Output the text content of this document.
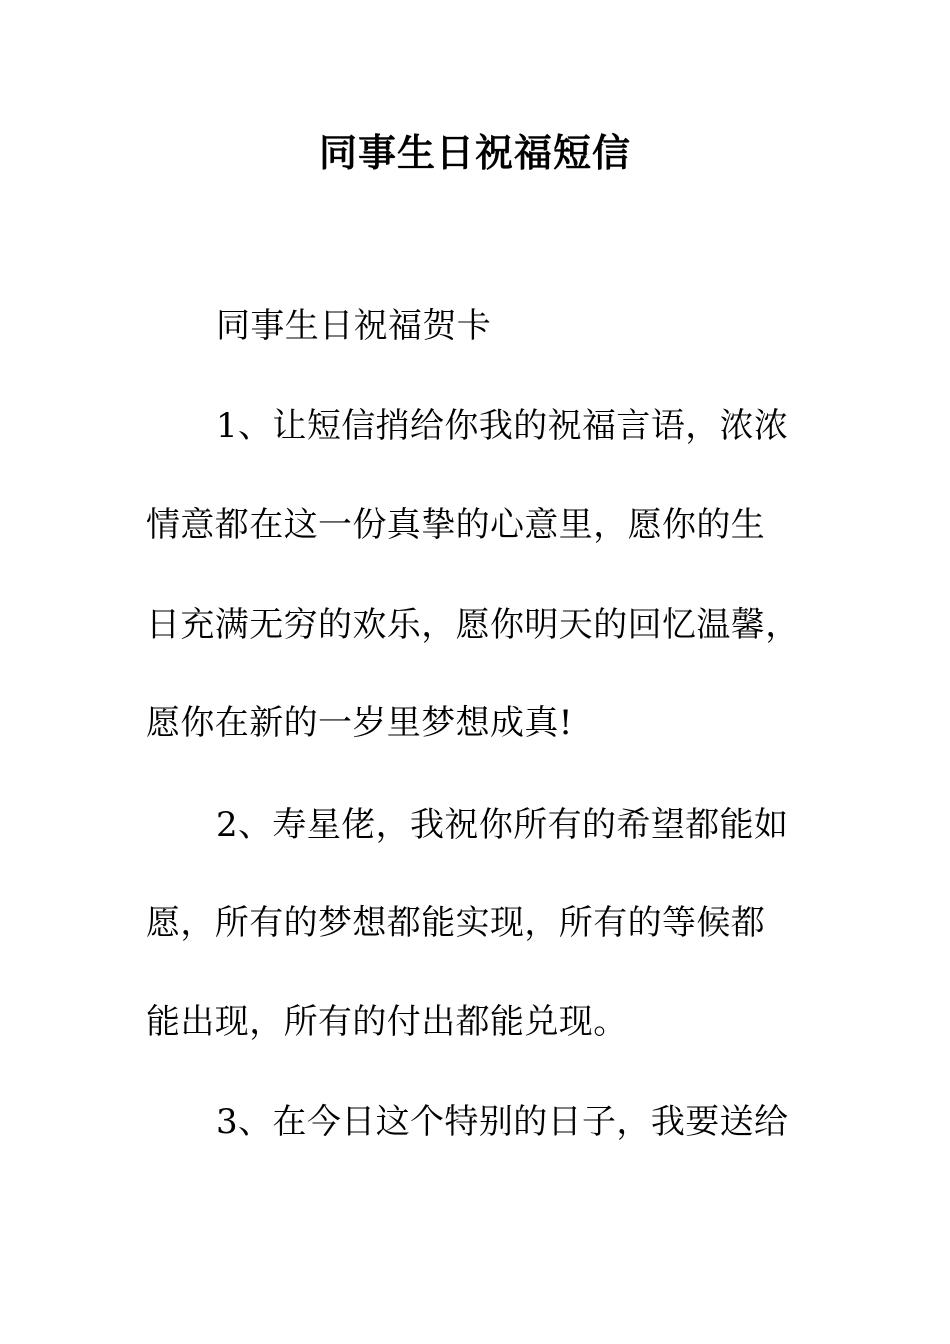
同事生日祝福短信
同事生日祝福贺卡
1、让短信捎给你我的祝福言语，浓浓
情意都在这一份真挚的心意里，愿你的生
日充满无穷的欢乐，愿你明天的回忆温馨，
愿你在新的一岁里梦想成真!
2、寿星佬，我祝你所有的希望都能如
愿，所有的梦想都能实现，所有的等候都
能出现，所有的付出都能兑现。
3、在今日这个特别的日子，我要送给
